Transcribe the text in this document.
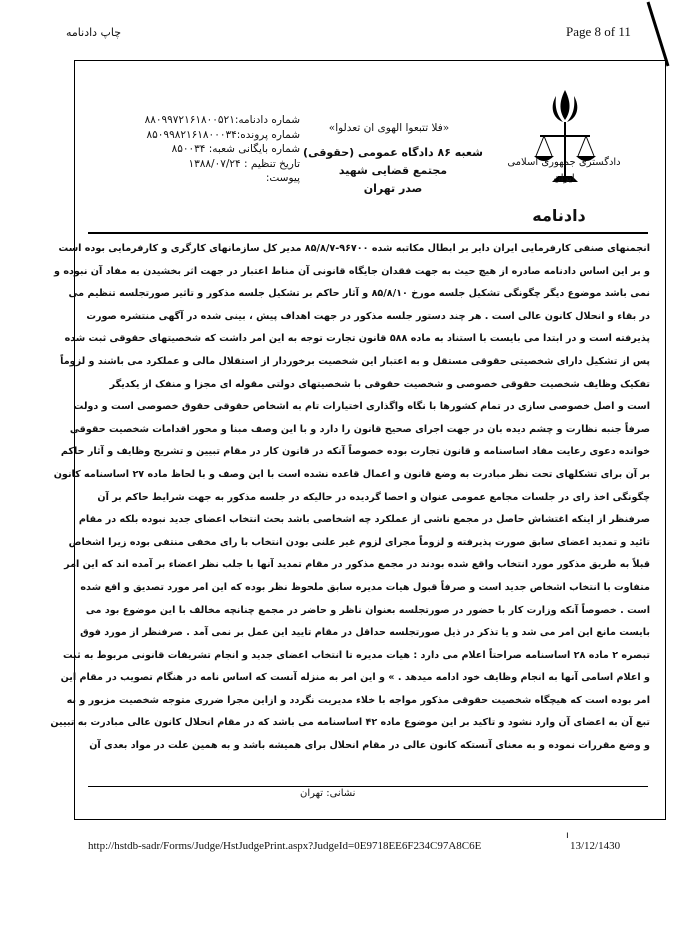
چاپ دادنامه	Page 8 of 11
شماره دادنامه:۸۸۰۹۹۷۲۱۶۱۸۰۰۵۲۱
شماره پرونده:۸۵۰۹۹۸۲۱۶۱۸۰۰۰۳۴
شماره بایگانی شعبه: ۸۵۰۰۳۴
تاریخ تنظیم : ۱۳۸۸/۰۷/۲۴
پیوست:
«فلا تتبعوا الهوی ان تعدلوا»
شعبه ۸۶ دادگاه عمومی (حقوقی) مجتمع قضایی شهید
صدر تهران
دادگستری جمهوری اسلامی
ایران
دادنامه

انجمنهای صنفی کارفرمایی ایران دایر بر ابطال مکاتبه شده ۹۶۷۰۰-۸۵/۸/۷ مدیر کل سازمانهای کارگری و کارفرمایی بوده است

و بر این اساس دادنامه صادره از هیچ حیث به جهت فقدان جایگاه قانونی آن مناط اعتبار در جهت اثر بخشیدن به مفاد آن نبوده و

نمی باشد موضوع دیگر چگونگی تشکیل جلسه مورخ ۸۵/۸/۱۰ و آثار حاکم بر تشکیل جلسه مذکور و تاثیر صورتجلسه تنظیم می

در بقاء و انحلال کانون عالی است . هر چند دستور جلسه مذکور در جهت اهداف پیش ، بینی شده در آگهی منتشره صورت

پذیرفته است و در ابتدا می بایست با استناد به ماده ۵۸۸ قانون تجارت توجه به این امر داشت که شخصیتهای حقوقی ثبت شده

پس از تشکیل دارای شخصیتی حقوقی مستقل و به اعتبار این شخصیت برخوردار از استقلال مالی و عملکرد می باشند و لزوماً

تفکیک وظایف شخصیت حقوقی خصوصی و شخصیت حقوقی با شخصیتهای دولتی مقوله ای مجزا و منفک از یکدیگر

است و اصل خصوصی سازی در تمام کشورها با نگاه واگذاری اختیارات تام به اشخاص حقوقی حقوق خصوصی است و دولت

صرفاً جنبه نظارت و چشم دیده بان در جهت اجرای صحیح قانون را دارد و با این وصف مبنا و محور اقدامات شخصیت حقوقی

خوانده دعوی رعایت مفاد اساسنامه و قانون تجارت بوده خصوصاً آنکه در قانون کار در مقام تبیین و تشریح وظایف و آثار حاکم

بر آن برای تشکلهای تحت نظر مبادرت به وضع قانون و اعمال قاعده نشده است با این وصف و با لحاظ ماده ۲۷ اساسنامه کانون

چگونگی اخذ رای در جلسات مجامع عمومی عنوان و احصا گردیده در حالیکه در جلسه مذکور به جهت شرایط حاکم بر آن

صرفنظر از اینکه اغتشاش حاصل در مجمع ناشی از عملکرد چه اشخاصی باشد بحث انتخاب اعضای جدید نبوده بلکه در مقام

تائید و تمدید اعضای سابق صورت پذیرفته و لزوماً مجرای لزوم غیر علنی بودن انتخاب با رای مخفی منتفی بوده زیرا اشخاص

قبلاً به طریق مذکور مورد انتخاب واقع شده بودند در مجمع مذکور در مقام تمدید آنها با جلب نظر اعضاء بر آمده اند که این امر

متفاوت با انتخاب اشخاص جدید است و صرفاً قبول هیات مدیره سابق ملحوظ نظر بوده که این امر مورد تصدیق و اقع شده

است . خصوصاً آنکه وزارت کار با حضور در صورتجلسه بعنوان ناظر و حاضر در مجمع چنانچه مخالف با این موضوع بود می

بایست مانع این امر می شد و یا تذکر در ذیل صورتجلسه حداقل در مقام تایید این عمل بر نمی آمد . صرفنظر از مورد فوق

تبصره ۲ ماده ۲۸ اساسنامه صراحتاً اعلام می دارد : هیات مدیره تا انتخاب اعضای جدید و انجام تشریفات قانونی مربوط به ثبت

و اعلام اسامی آنها به انجام وظایف خود ادامه میدهد . » و این امر به منزله آنست که اساس نامه در هنگام تصویب در مقام این

امر بوده است که هیچگاه شخصیت حقوقی مذکور مواجه با خلاء مدیریت نگردد و ازاین مجرا ضرری متوجه شخصیت مزبور و به

تبع آن به اعضای آن وارد نشود و تاکید بر این موضوع ماده ۴۲ اساسنامه می باشد که در مقام انحلال کانون عالی مبادرت به تبیین

و وضع مقررات نموده و به معنای آنستکه کانون عالی در مقام انحلال برای همیشه باشد و به همین علت در مواد بعدی آن

نشانی: تهران
ı
http://hstdb-sadr/Forms/Judge/HstJudgePrint.aspx?JudgeId=0E9718EE6F234C97A8C6E	13/12/1430
